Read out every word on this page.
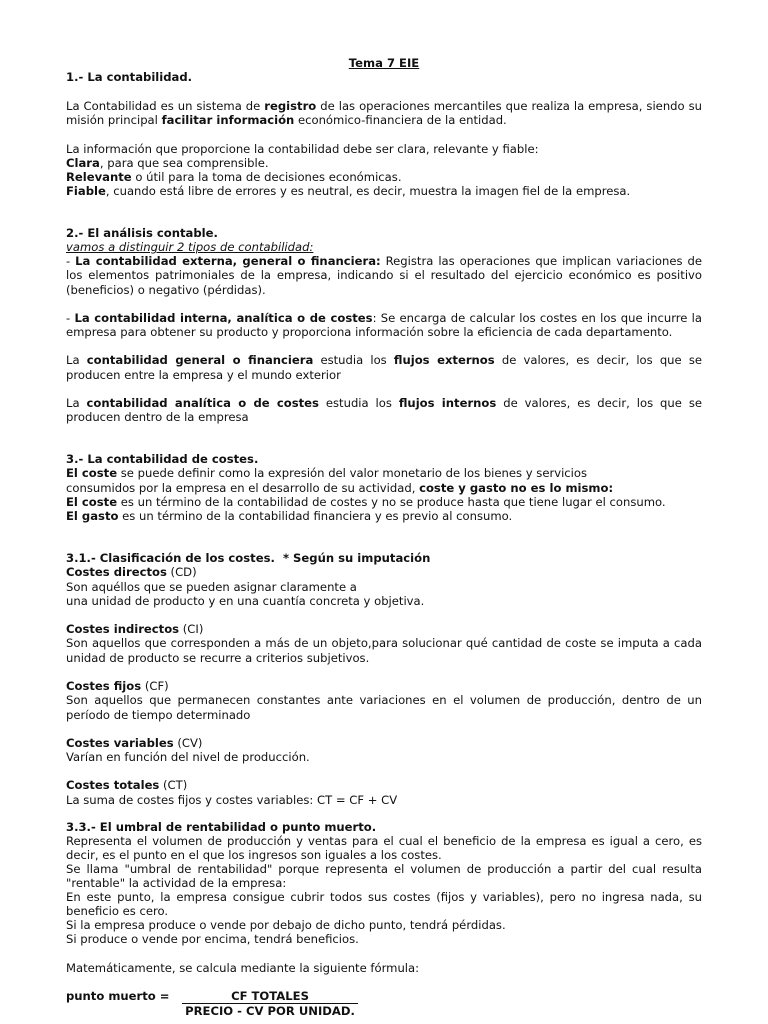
Tema 7 EIE
1.- La contabilidad.
La Contabilidad es un sistema de registro de las operaciones mercantiles que realiza la empresa, siendo su
misión principal facilitar información económico-financiera de la entidad.
La información que proporcione la contabilidad debe ser clara, relevante y fiable:
Clara, para que sea comprensible.
Relevante o útil para la toma de decisiones económicas.
Fiable, cuando está libre de errores y es neutral, es decir, muestra la imagen fiel de la empresa.
2.- El análisis contable.
vamos a distinguir 2 tipos de contabilidad:
- La contabilidad externa, general o financiera: Registra las operaciones que implican variaciones de
los elementos patrimoniales de la empresa, indicando si el resultado del ejercicio económico es positivo
(beneficios) o negativo (pérdidas).
- La contabilidad interna, analítica o de costes: Se encarga de calcular los costes en los que incurre la
empresa para obtener su producto y proporciona información sobre la eficiencia de cada departamento.
La contabilidad general o financiera estudia los flujos externos de valores, es decir, los que se
producen entre la empresa y el mundo exterior
La contabilidad analítica o de costes estudia los flujos internos de valores, es decir, los que se
producen dentro de la empresa
3.- La contabilidad de costes.
El coste se puede definir como la expresión del valor monetario de los bienes y servicios
consumidos por la empresa en el desarrollo de su actividad, coste y gasto no es lo mismo:
El coste es un término de la contabilidad de costes y no se produce hasta que tiene lugar el consumo.
El gasto es un término de la contabilidad financiera y es previo al consumo.
3.1.- Clasificación de los costes.  * Según su imputación
Costes directos (CD)
Son aquéllos que se pueden asignar claramente a
una unidad de producto y en una cuantía concreta y objetiva.
Costes indirectos (CI)
Son aquellos que corresponden a más de un objeto,para solucionar qué cantidad de coste se imputa a cada
unidad de producto se recurre a criterios subjetivos.
Costes fijos (CF)
Son aquellos que permanecen constantes ante variaciones en el volumen de producción, dentro de un
período de tiempo determinado
Costes variables (CV)
Varían en función del nivel de producción.
Costes totales (CT)
La suma de costes fijos y costes variables: CT = CF + CV
3.3.- El umbral de rentabilidad o punto muerto.
Representa el volumen de producción y ventas para el cual el beneficio de la empresa es igual a cero, es
decir, es el punto en el que los ingresos son iguales a los costes.
Se llama "umbral de rentabilidad" porque representa el volumen de producción a partir del cual resulta
"rentable" la actividad de la empresa:
En este punto, la empresa consigue cubrir todos sus costes (fijos y variables), pero no ingresa nada, su
beneficio es cero.
Si la empresa produce o vende por debajo de dicho punto, tendrá pérdidas.
Si produce o vende por encima, tendrá beneficios.
Matemáticamente, se calcula mediante la siguiente fórmula:
punto muerto =	CF TOTALES
PRECIO - CV POR UNIDAD.
